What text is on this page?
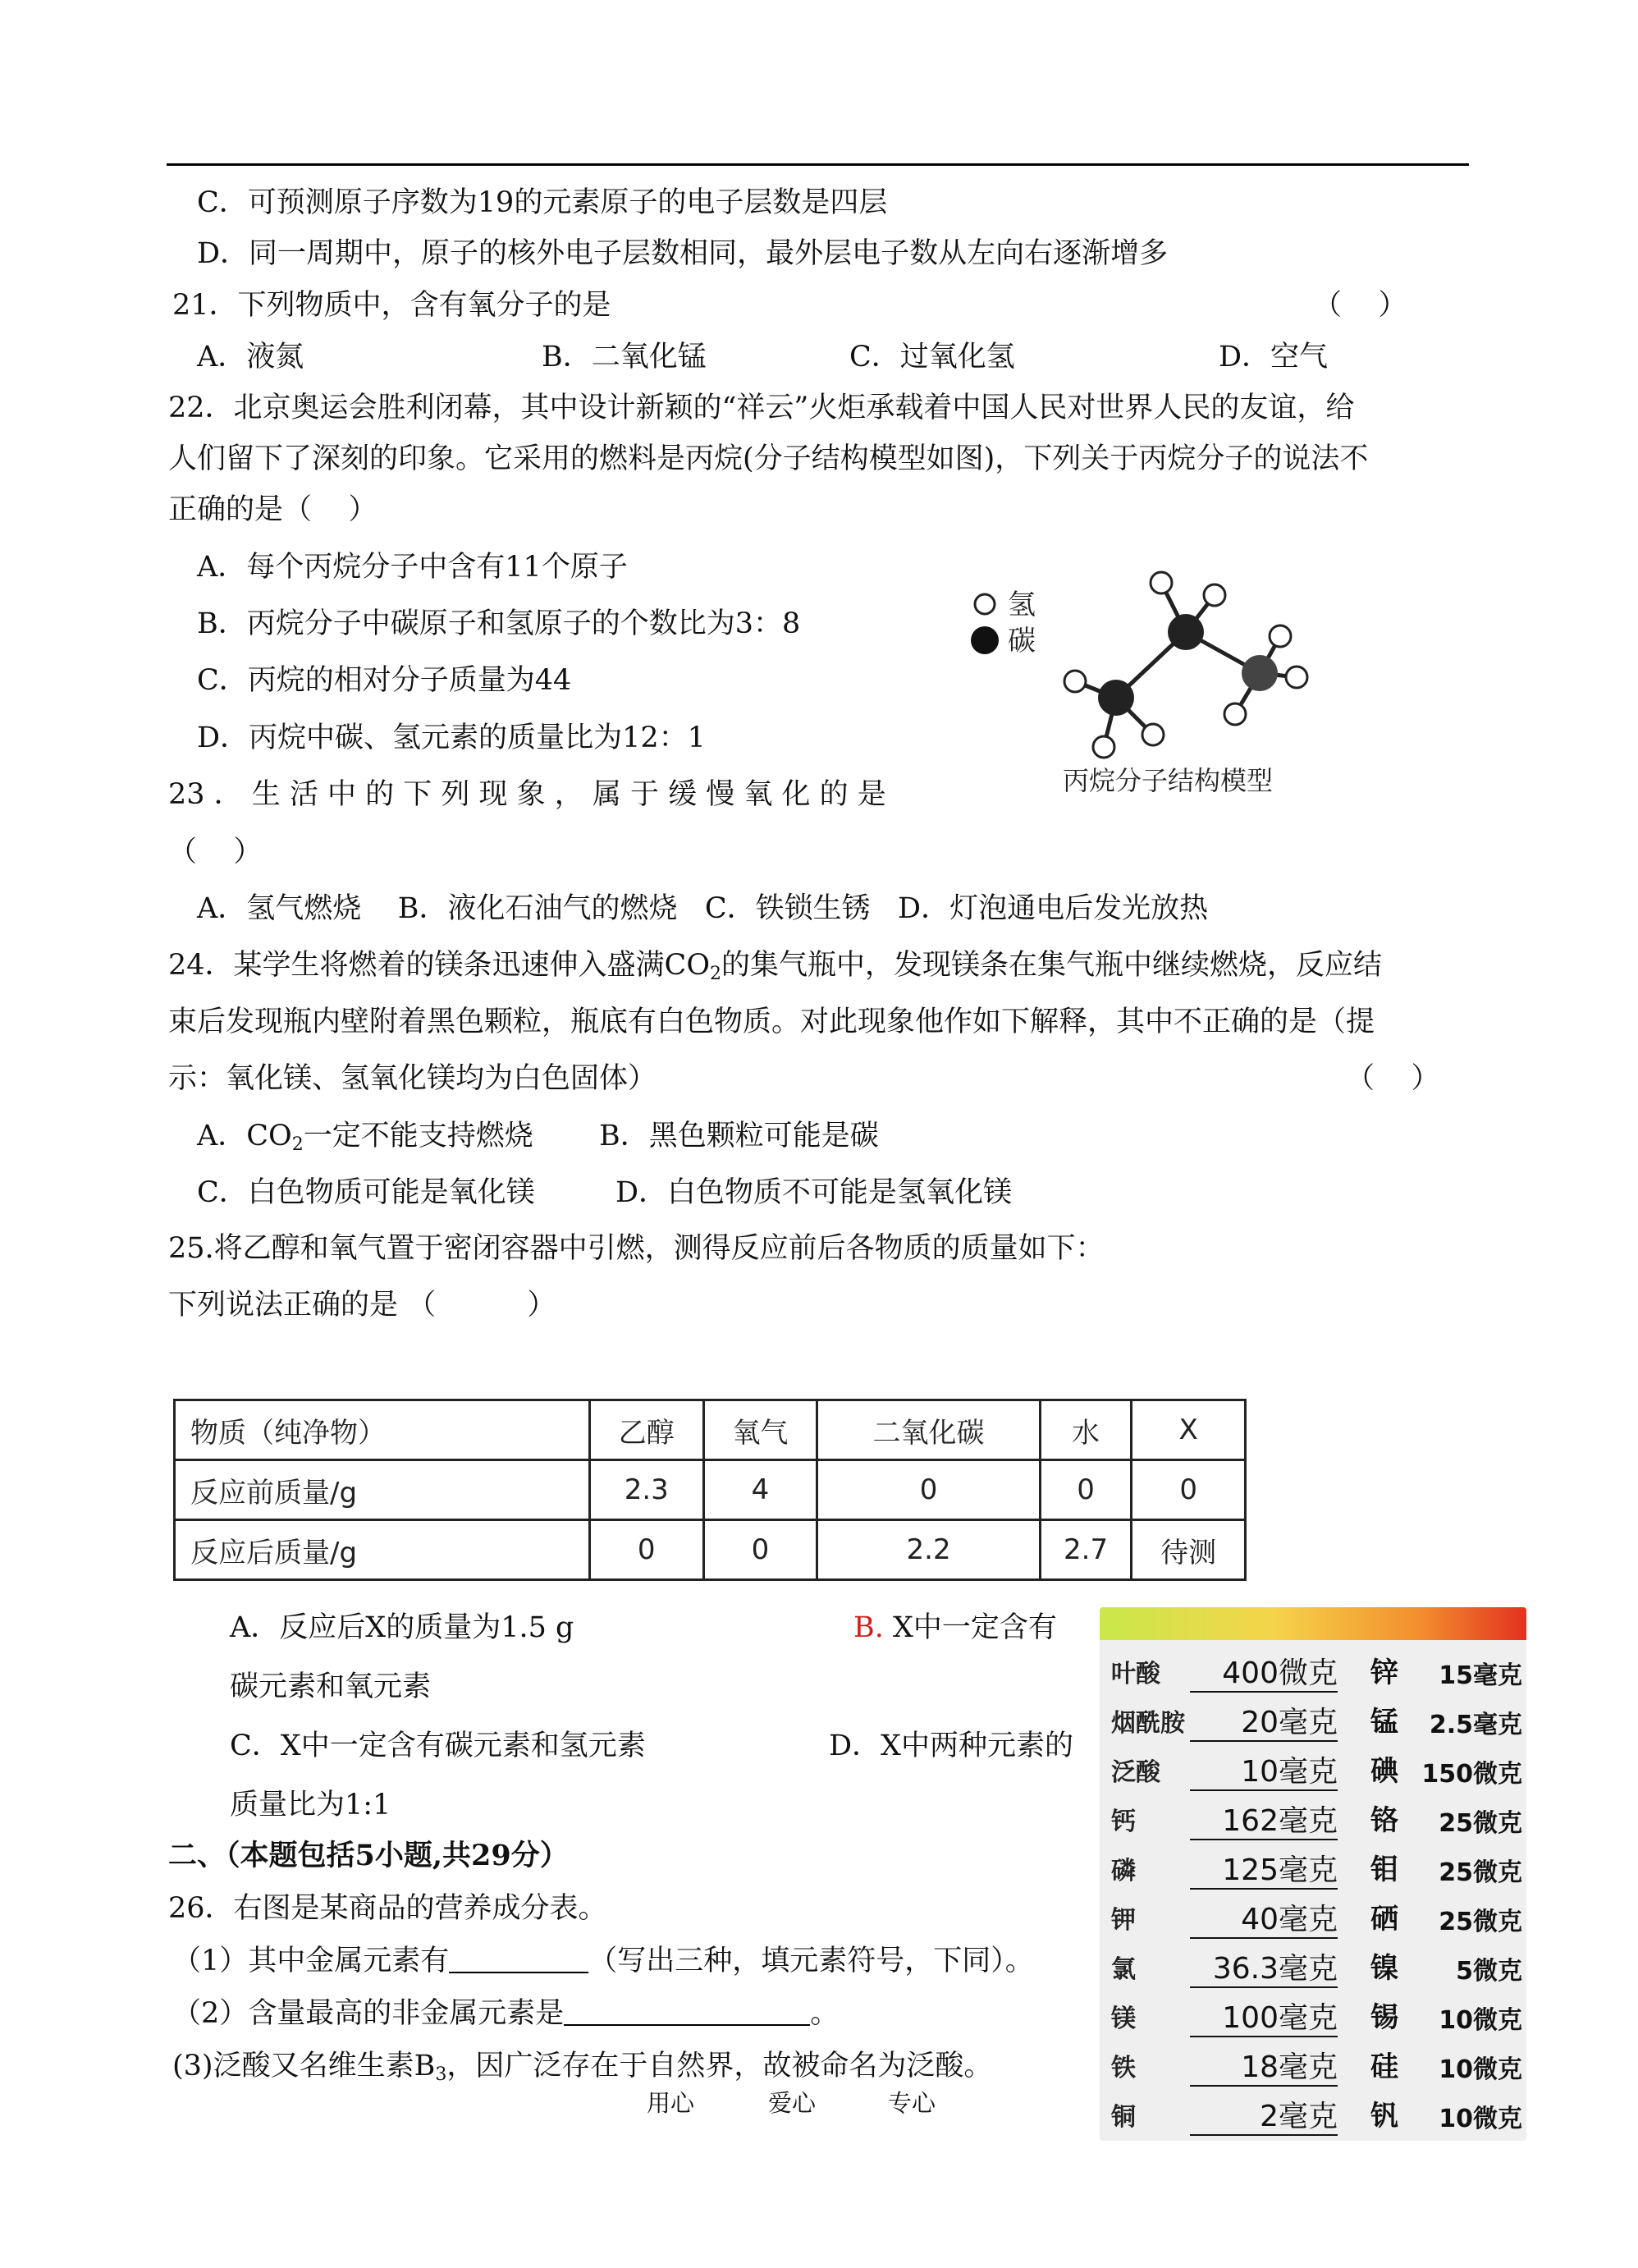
C．可预测原子序数为19的元素原子的电子层数是四层
D．同一周期中，原子的核外电子层数相同，最外层电子数从左向右逐渐增多
21．下列物质中，含有氧分子的是	（    ）
A．液氮	B．二氧化锰	C．过氧化氢	D．空气
22．北京奥运会胜利闭幕，其中设计新颖的“祥云”火炬承载着中国人民对世界人民的友谊，给
人们留下了深刻的印象。它采用的燃料是丙烷(分子结构模型如图)，下列关于丙烷分子的说法不
正确的是（    ）
A．每个丙烷分子中含有11个原子
B．丙烷分子中碳原子和氢原子的个数比为3：8
C．丙烷的相对分子质量为44
D．丙烷中碳、氢元素的质量比为12：1
氢
碳
丙烷分子结构模型
23 ． 生 活 中 的 下 列 现 象 ， 属 于 缓 慢 氧 化 的 是
（    ）
A．氢气燃烧    B．液化石油气的燃烧   C．铁锁生锈   D．灯泡通电后发光放热
24．某学生将燃着的镁条迅速伸入盛满$CO_2$的集气瓶中，发现镁条在集气瓶中继续燃烧，反应结
束后发现瓶内壁附着黑色颗粒，瓶底有白色物质。对此现象他作如下解释，其中不正确的是（提
示：氧化镁、氢氧化镁均为白色固体）	（    ）
A．$CO_2$一定不能支持燃烧 B．黑色颗粒可能是碳
C．白色物质可能是氧化镁	D．白色物质不可能是氢氧化镁
25.将乙醇和氧气置于密闭容器中引燃，测得反应前后各物质的质量如下：
下列说法正确的是 （          ）
物质（纯净物）	乙醇	氧气	二氧化碳	水	X
反应前质量/g	2.3	4	0	0	0
反应后质量/g	0	0	2.2	2.7	待测
A．反应后X的质量为1.5 g	B. X中一定含有
碳元素和氧元素
C．X中一定含有碳元素和氢元素	D．X中两种元素的
质量比为1:1
二、（本题包括5小题,共29分）
26．右图是某商品的营养成分表。
（1）其中金属元素有	（写出三种，填元素符号，下同）。
（2）含量最高的非金属元素是	。
(3)泛酸又名维生素$B_3$，因广泛存在于自然界，故被命名为泛酸。
叶酸	400微克 锌	15毫克
烟酰胺	20毫克 锰	2.5毫克
泛酸	10毫克 碘 150微克
钙	162毫克 铬	25微克
磷	125毫克 钼	25微克
钾	40毫克 硒	25微克
氯	36.3毫克 镍	5微克
镁	100毫克 锡	10微克
铁	18毫克 硅	10微克
铜	2毫克 钒	10微克
用心	爱心	专心
